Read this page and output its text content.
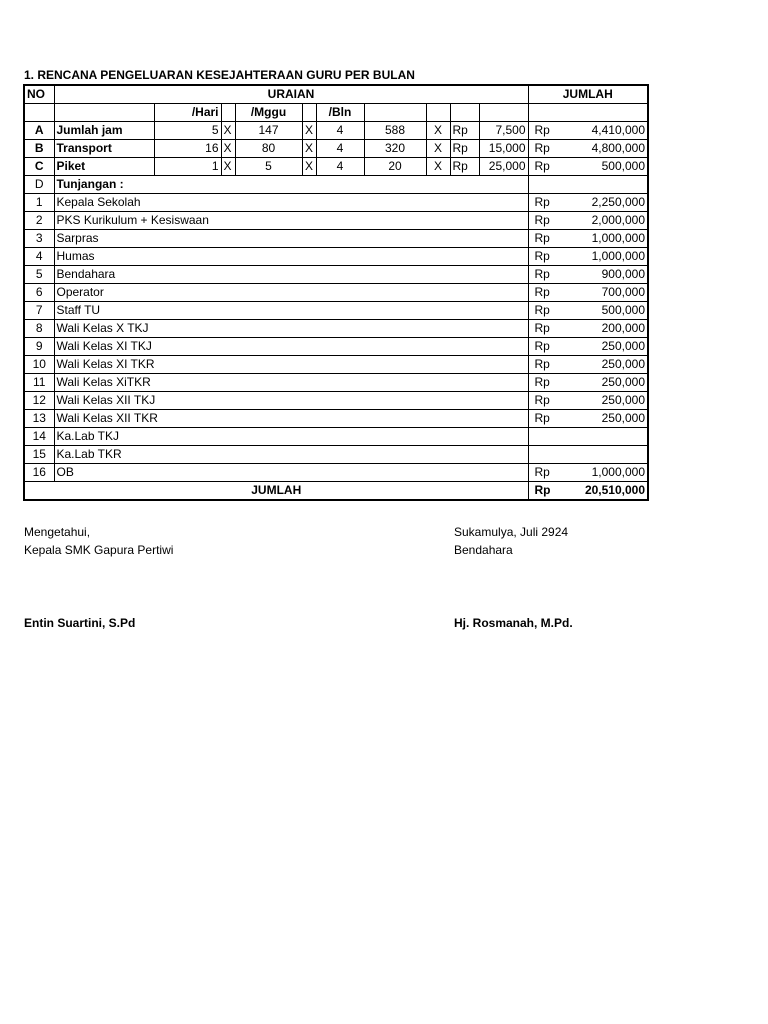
1. RENCANA PENGELUARAN KESEJAHTERAAN GURU PER BULAN
NO	URAIAN										JUMLAH
		/Hari		/Mggu		/Bln					
A	Jumlah jam	5	X	147	X	4	588	X	Rp	7,500	Rp 4,410,000

B	Transport	16	X	80	X	4	320	X	Rp	15,000	Rp 4,800,000

C	Piket	1	X	5	X	4	20	X	Rp	25,000	Rp 500,000

D	Tunjangan :										
1	Kepala Sekolah										Rp 2,250,000

2	PKS Kurikulum + Kesiswaan										Rp 2,000,000

3	Sarpras										Rp 1,000,000

4	Humas										Rp 1,000,000

5	Bendahara										Rp 900,000

6	Operator										Rp 700,000

7	Staff TU										Rp 500,000

8	Wali Kelas X TKJ										Rp 200,000

9	Wali Kelas XI TKJ										Rp 250,000

10	Wali Kelas XI TKR										Rp 250,000

11	Wali Kelas XiTKR										Rp 250,000

12	Wali Kelas XII TKJ										Rp 250,000

13	Wali Kelas XII TKR										Rp 250,000

14	Ka.Lab TKJ										

15	Ka.Lab TKR										

16	OB										Rp 1,000,000

JUMLAH											Rp 20,510,000
Mengetahui,
Kepala SMK Gapura Pertiwi
Entin Suartini, S.Pd
Sukamulya, Juli 2924
Bendahara
Hj. Rosmanah, M.Pd.
